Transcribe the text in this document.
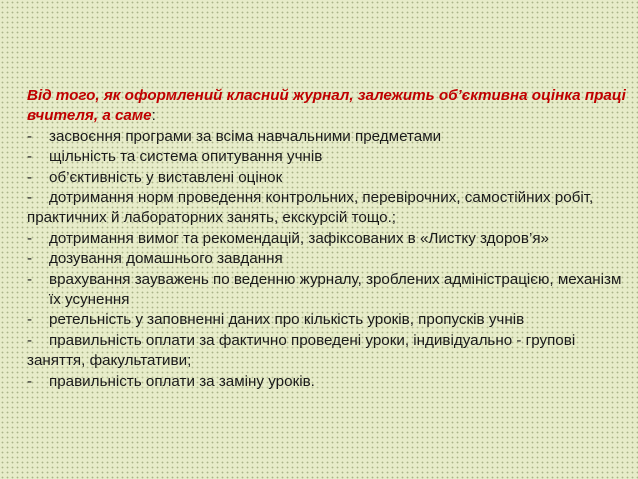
Від того, як оформлений класний журнал, залежить об’єктивна оцінка праці вчителя, а саме:

- засвоєння програми за всіма навчальними предметами
- щільність та система опитування учнів
- об’єктивність у виставлені оцінок
- дотримання норм проведення контрольних, перевірочних, самостійних робіт, практичних й лабораторних занять, екскурсій тощо.;
- дотримання вимог та рекомендацій, зафіксованих в «Листку здоров’я»
- дозування домашнього завдання
- врахування зауважень по веденню журналу, зроблених адміністрацією, механізм їх усунення
- ретельність у заповненні даних про кількість уроків, пропусків учнів
- правильність оплати за фактично проведені уроки, індивідуально - групові заняття, факультативи;
- правильність оплати за заміну уроків.
